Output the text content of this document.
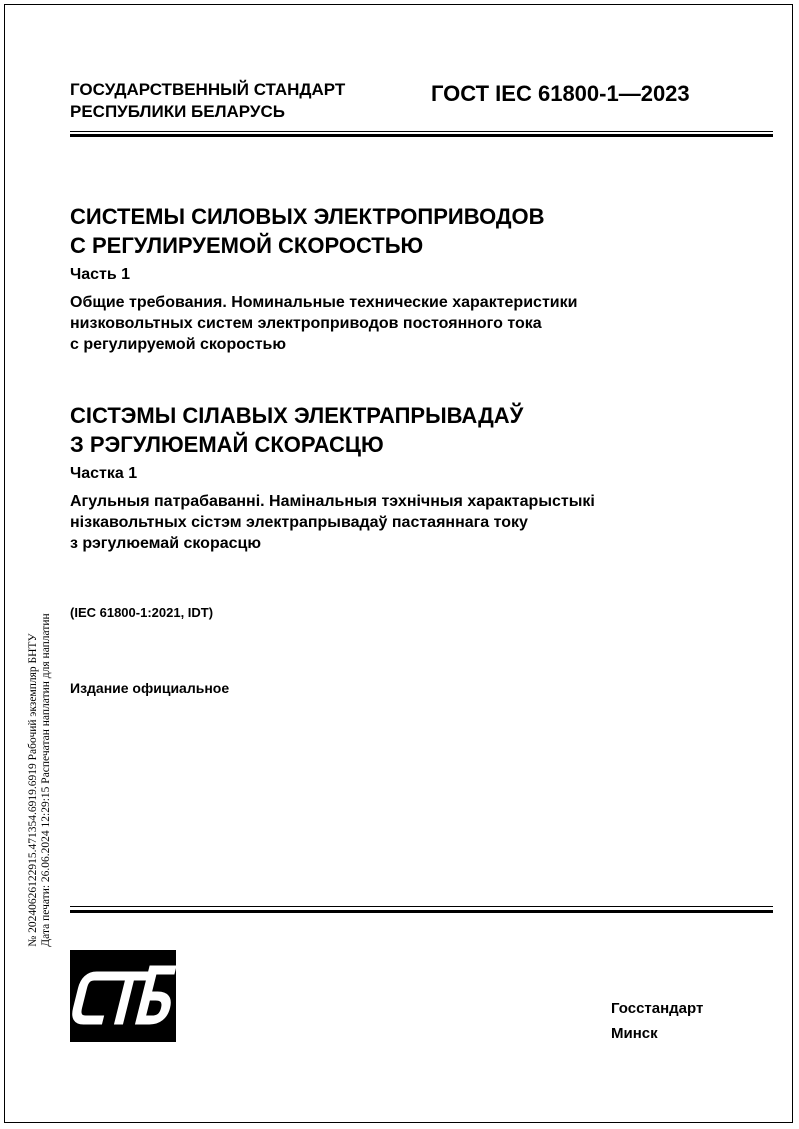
ГОСУДАРСТВЕННЫЙ СТАНДАРТ
РЕСПУБЛИКИ БЕЛАРУСЬ
ГОСТ IEC 61800-1—2023
СИСТЕМЫ СИЛОВЫХ ЭЛЕКТРОПРИВОДОВ
С РЕГУЛИРУЕМОЙ СКОРОСТЬЮ
Часть 1
Общие требования. Номинальные технические характеристики
низковольтных систем электроприводов постоянного тока
с регулируемой скоростью
СІСТЭМЫ СІЛАВЫХ ЭЛЕКТРАПРЫВАДАЎ
З РЭГУЛЮЕМАЙ СКОРАСЦЮ
Частка 1
Агульныя патрабаванні. Намінальныя тэхнічныя характарыстыкі
нізкавольтных сістэм электрапрывадаў пастаяннага току
з рэгулюемай скорасцю
(IEC 61800-1:2021, IDT)
Издание официальное
№ 20240626122915.471354.6919.6919 Рабочий экземпляр БНТУ Дата печати: 26.06.2024 12:29:15 Распечатан наплатин для наплатин
Госстандарт
Минск
